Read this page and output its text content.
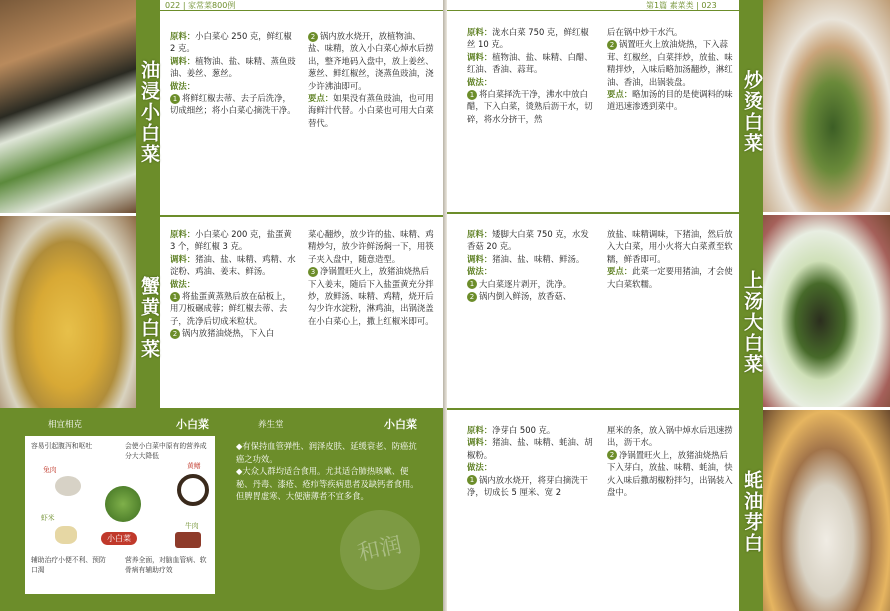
油浸小白菜
蟹黄白菜
022 | 家常菜800例
原料：小白菜心 250 克，鲜红椒 2 克。
调料：植物油、盐、味精、蒸鱼豉油、姜丝、葱丝。
做法：
1 将鲜红椒去蒂、去子后洗净，切成细丝；将小白菜心摘洗干净。
2 锅内放水烧开，放植物油、盐、味精，放入小白菜心焯水后捞出，整齐地码入盘中，放上姜丝、葱丝、鲜红椒丝，浇蒸鱼豉油，浇少许沸油即可。
要点：如果没有蒸鱼豉油，也可用海鲜汁代替。小白菜也可用大白菜替代。
原料：小白菜心 200 克，盐蛋黄 3 个，鲜红椒 3 克。
调料：猪油、盐、味精、鸡精、水淀粉、鸡油、姜末、鲜汤。
做法：
1 将盐蛋黄蒸熟后放在砧板上，用刀板碾成蓉；鲜红椒去蒂、去子，洗净后切成米粒状。
2 锅内放猪油烧热，下入白
菜心翻炒，放少许的盐、味精、鸡精炒匀，放少许鲜汤焖一下，用筷子夹入盘中，随意造型。
3 净锅置旺火上，放猪油烧热后下入姜末，随后下入盐蛋黄充分拌炒，放鲜汤、味精、鸡精，烧开后勾少许水淀粉，淋鸡油，出锅浇盖在小白菜心上，撒上红椒米即可。
相宜相克	小白菜
容易引起腹泻和呕吐	会使小白菜中原有的营养成分大大降低
兔肉	黄鳝
小白菜
虾米
牛肉
辅助治疗小便不利、预防口渴
营养全面，对脑血管病、软骨病有辅助疗效
养生堂	小白菜
◆有保持血管弹性、润泽皮肤、延缓衰老、防癌抗癌之功效。
◆大众人群均适合食用。尤其适合肺热咳嗽、便秘、丹毒、漆疮、疮疖等疾病患者及缺钙者食用。但脾胃虚寒、大便溏薄者不宜多食。
和润
第1篇 素菜类 | 023
原料：泷水白菜 750 克，鲜红椒丝 10 克。
调料：植物油、盐、味精、白醋、红油、香油、蒜茸。
做法：
1 将白菜择洗干净，沸水中放白醋，下入白菜，烫熟后沥干水，切碎，将水分挤干，然
后在锅中炒干水汽。
2 锅置旺火上放油烧热，下入蒜茸、红椒丝，白菜拌炒，放盐、味精拌炒，入味后略加汤翻炒，淋红油、香油，出锅装盘。
要点：略加汤的目的是使调料的味道迅速渗透到菜中。
原料：矮脚大白菜 750 克，水发香菇 20 克。
调料：猪油、盐、味精、鲜汤。
做法：
1 大白菜逐片剥开，洗净。
2 锅内倒入鲜汤，放香菇、
放盐、味精调味，下猪油，然后放入大白菜，用小火将大白菜煮至软糯，鲜香即可。
要点：此菜一定要用猪油，才会使大白菜软糯。
原料：净芽白 500 克。
调料：猪油、盐、味精、蚝油、胡椒粉。
做法：
1 锅内放水烧开，将芽白摘洗干净，切成长 5 厘米、宽 2
厘米的条，放入锅中焯水后迅速捞出，沥干水。
2 净锅置旺火上，放猪油烧热后下入芽白，放盐、味精、蚝油，快火入味后撒胡椒粉拌匀，出锅装入盘中。
炒烫白菜
上汤大白菜
蚝油芽白
